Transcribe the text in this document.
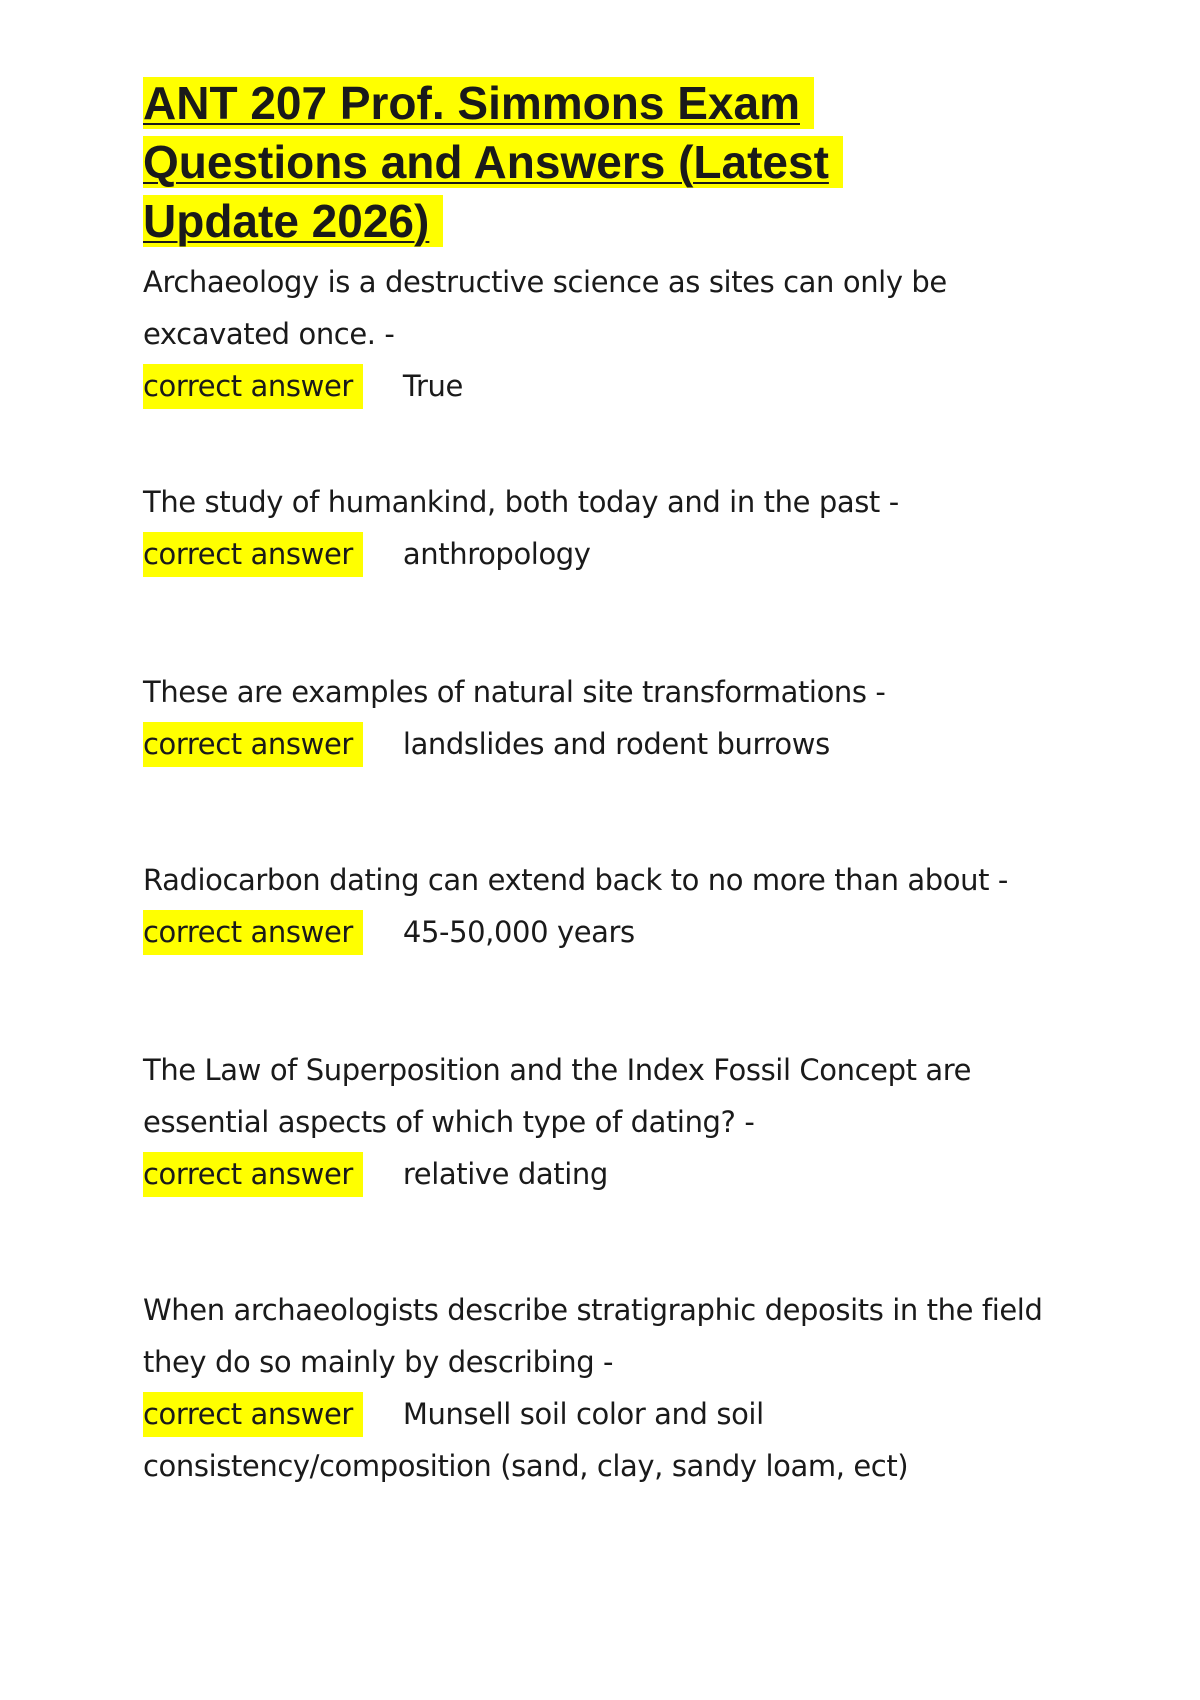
ANT 207 Prof. Simmons Exam Questions and Answers (Latest Update 2026)

Archaeology is a destructive science as sites can only be excavated once. -

correct answer True

The study of humankind, both today and in the past -

correct answer anthropology

These are examples of natural site transformations -

correct answer landslides and rodent burrows

Radiocarbon dating can extend back to no more than about -

correct answer 45-50,000 years

The Law of Superposition and the Index Fossil Concept are essential aspects of which type of dating? -

correct answer relative dating

When archaeologists describe stratigraphic deposits in the field they do so mainly by describing -

correct answer Munsell soil color and soil consistency/composition (sand, clay, sandy loam, ect)
